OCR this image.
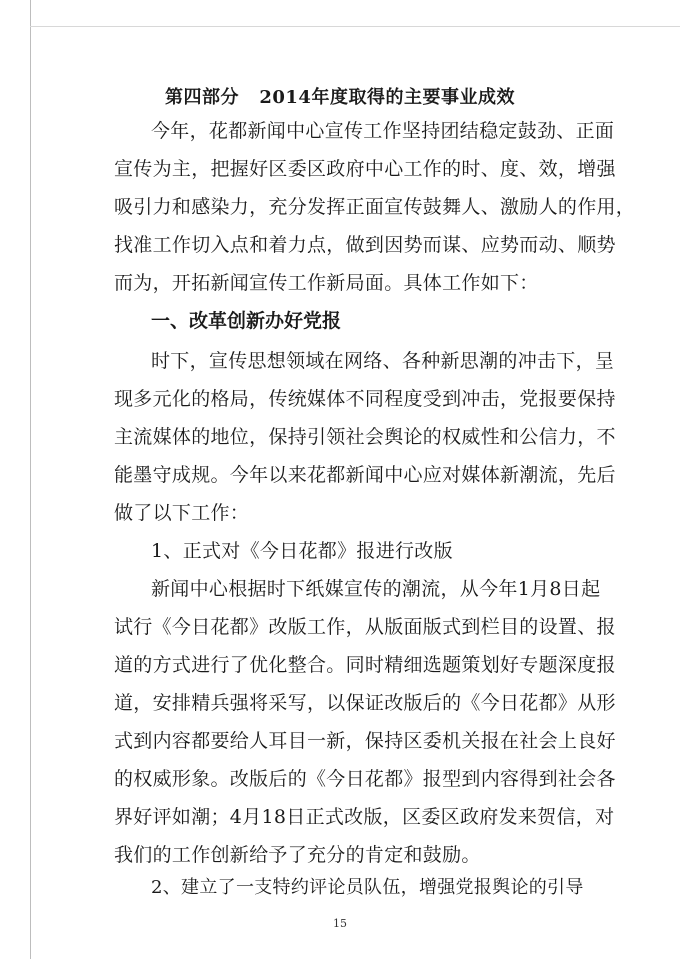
第四部分   2014年度取得的主要事业成效
今年，花都新闻中心宣传工作坚持团结稳定鼓劲、正面
宣传为主，把握好区委区政府中心工作的时、度、效，增强
吸引力和感染力，充分发挥正面宣传鼓舞人、激励人的作用，
找准工作切入点和着力点，做到因势而谋、应势而动、顺势
而为，开拓新闻宣传工作新局面。具体工作如下：
一、改革创新办好党报
时下，宣传思想领域在网络、各种新思潮的冲击下，呈
现多元化的格局，传统媒体不同程度受到冲击，党报要保持
主流媒体的地位，保持引领社会舆论的权威性和公信力，不
能墨守成规。今年以来花都新闻中心应对媒体新潮流，先后
做了以下工作：
1、正式对《今日花都》报进行改版
新闻中心根据时下纸媒宣传的潮流，从今年1月8日起
试行《今日花都》改版工作，从版面版式到栏目的设置、报
道的方式进行了优化整合。同时精细选题策划好专题深度报
道，安排精兵强将采写，以保证改版后的《今日花都》从形
式到内容都要给人耳目一新，保持区委机关报在社会上良好
的权威形象。改版后的《今日花都》报型到内容得到社会各
界好评如潮；4月18日正式改版，区委区政府发来贺信，对
我们的工作创新给予了充分的肯定和鼓励。
2、建立了一支特约评论员队伍，增强党报舆论的引导
15
